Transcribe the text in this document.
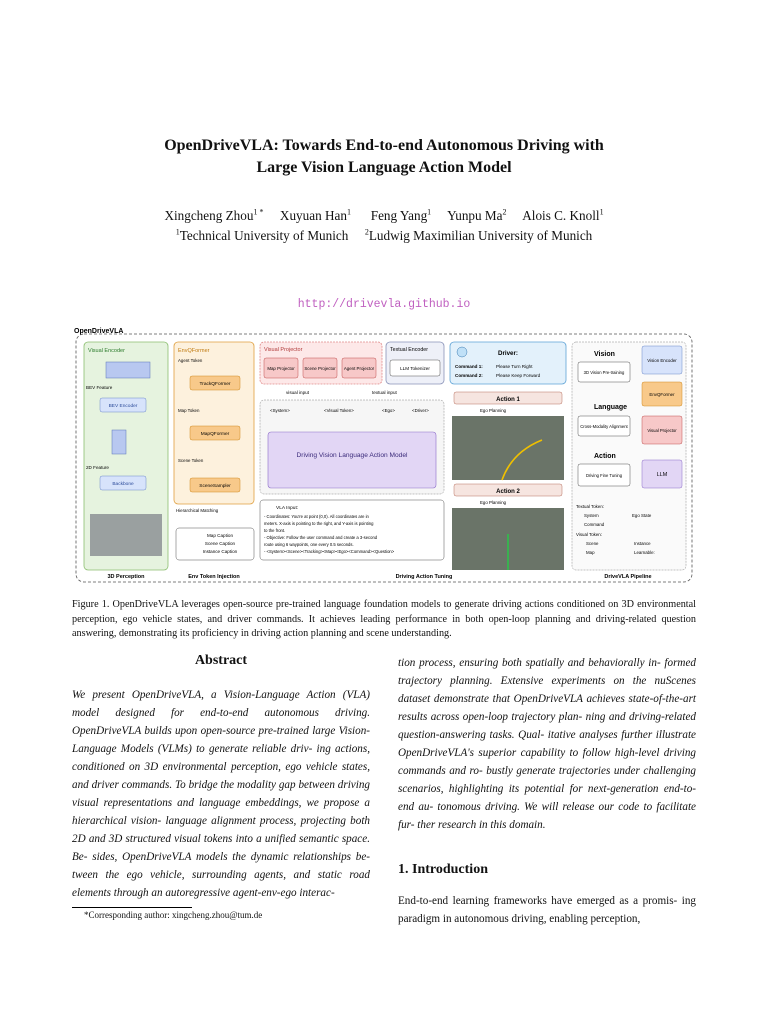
OpenDriveVLA: Towards End-to-end Autonomous Driving with
Large Vision Language Action Model
Xingcheng Zhou$^{1 *}$ Xuyuan Han$^1$ Feng Yang$^1$ Yunpu Ma$^2$ Alois C. Knoll$^1$
$^1$Technical University of Munich $^2$Ludwig Maximilian University of Munich
http://drivevla.github.io
OpenDriveVLA
Visual Encoder
BEV Feature
BEV Encoder
2D Feature
Backbone
EnvQFormer
Agent Token
TrackQFormer
Map Token
MapQFormer
Scene Token
SceneSampler
Hierarchical Matching
Map Caption
Scene Caption
Instance Caption
Visual Projector
Map Projector Scene Projector Agent Projector
Textual Encoder
LLM Tokenizer
visual input	textual input
<System>	<Visual Token>	<Ego>	<Driver>
Driving Vision Language Action Model
VLA Input:
- Coordinates: You're at point (0,0). All coordinates are in
meters. X-axis is pointing to the right, and Y-axis is pointing
to the front.
- Objective: Follow the user command and create a 3-second
route using 6 waypoints, one every 0.5 seconds.
- <System><Scene><Tracking><Map><Ego><Command><Question>
Driver:
Command 1:	Please Turn Right
Command 2:	Please Keep Forward
Action 1
Ego Planning
Action 2
Ego Planning
Vision
3D Vision Pre-training
Vision Encoder
EnvQFormer
Language
Cross-Modality Alignment
Visual Projector
Action
Driving Fine Tuning	LLM
Textual Token:
System	Ego State
Command
Visual Token:
Scene	Instance
Map	Learnable:
3D Perception	Env Token Injection	Driving Action Tuning	DriveVLA Pipeline
Figure 1. OpenDriveVLA leverages open-source pre-trained language foundation models to generate driving actions conditioned on 3D environmental perception, ego vehicle states, and driver commands. It achieves leading performance in both open-loop planning and driving-related question answering, demonstrating its proficiency in driving action planning and scene understanding.
Abstract

We present OpenDriveVLA, a Vision-Language Action (VLA) model designed for end-to-end autonomous driving. OpenDriveVLA builds upon open-source pre-trained large Vision-Language Models (VLMs) to generate reliable driv- ing actions, conditioned on 3D environmental perception, ego vehicle states, and driver commands. To bridge the modality gap between driving visual representations and language embeddings, we propose a hierarchical vision- language alignment process, projecting both 2D and 3D structured visual tokens into a unified semantic space. Be- sides, OpenDriveVLA models the dynamic relationships be- tween the ego vehicle, surrounding agents, and static road elements through an autoregressive agent-env-ego interac-

tion process, ensuring both spatially and behaviorally in- formed trajectory planning. Extensive experiments on the nuScenes dataset demonstrate that OpenDriveVLA achieves state-of-the-art results across open-loop trajectory plan- ning and driving-related question-answering tasks. Qual- itative analyses further illustrate OpenDriveVLA's superior capability to follow high-level driving commands and ro- bustly generate trajectories under challenging scenarios, highlighting its potential for next-generation end-to-end au- tonomous driving. We will release our code to facilitate fur- ther research in this domain.

1. Introduction

End-to-end learning frameworks have emerged as a promis- ing paradigm in autonomous driving, enabling perception,

*Corresponding author: xingcheng.zhou@tum.de
